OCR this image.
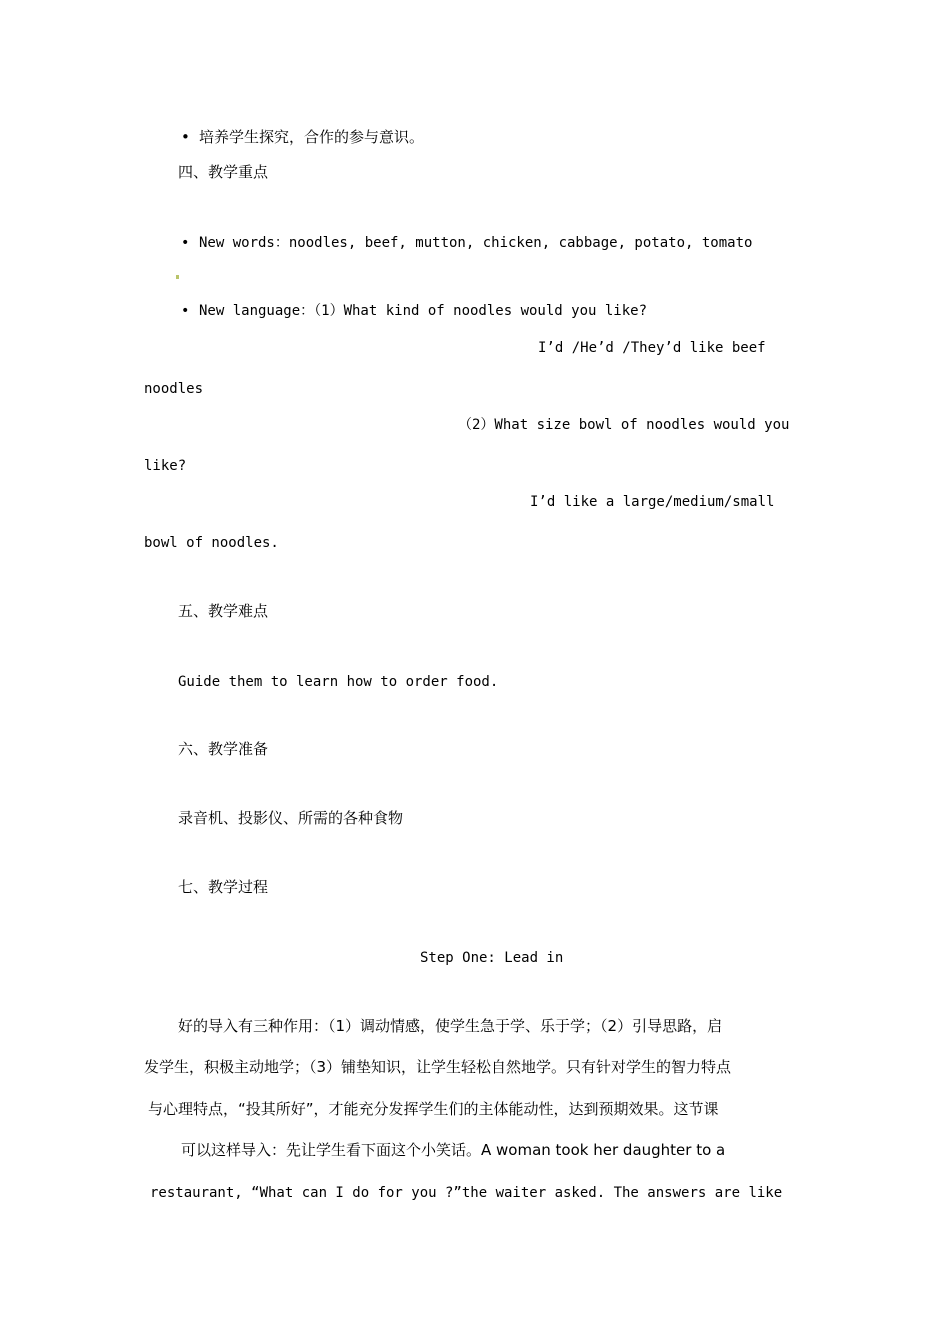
• 培养学生探究，合作的参与意识。
四、教学重点
• New words：noodles, beef, mutton, chicken, cabbage, potato, tomato
• New language：（1）What kind of noodles would you like?
I’d /He’d /They’d like beef
noodles
（2）What size bowl of noodles would you
like?
I’d like a large/medium/small
bowl of noodles.
五、教学难点
Guide them to learn how to order food.
六、教学准备
录音机、投影仪、所需的各种食物
七、教学过程
Step One: Lead in
好的导入有三种作用：（1）调动情感，使学生急于学、乐于学；（2）引导思路，启
发学生，积极主动地学；（3）铺垫知识，让学生轻松自然地学。只有针对学生的智力特点
与心理特点，“投其所好”，才能充分发挥学生们的主体能动性，达到预期效果。这节课
可以这样导入：先让学生看下面这个小笑话。A woman took her daughter to a
restaurant, “What can I do for you ?”the waiter asked. The answers are like
